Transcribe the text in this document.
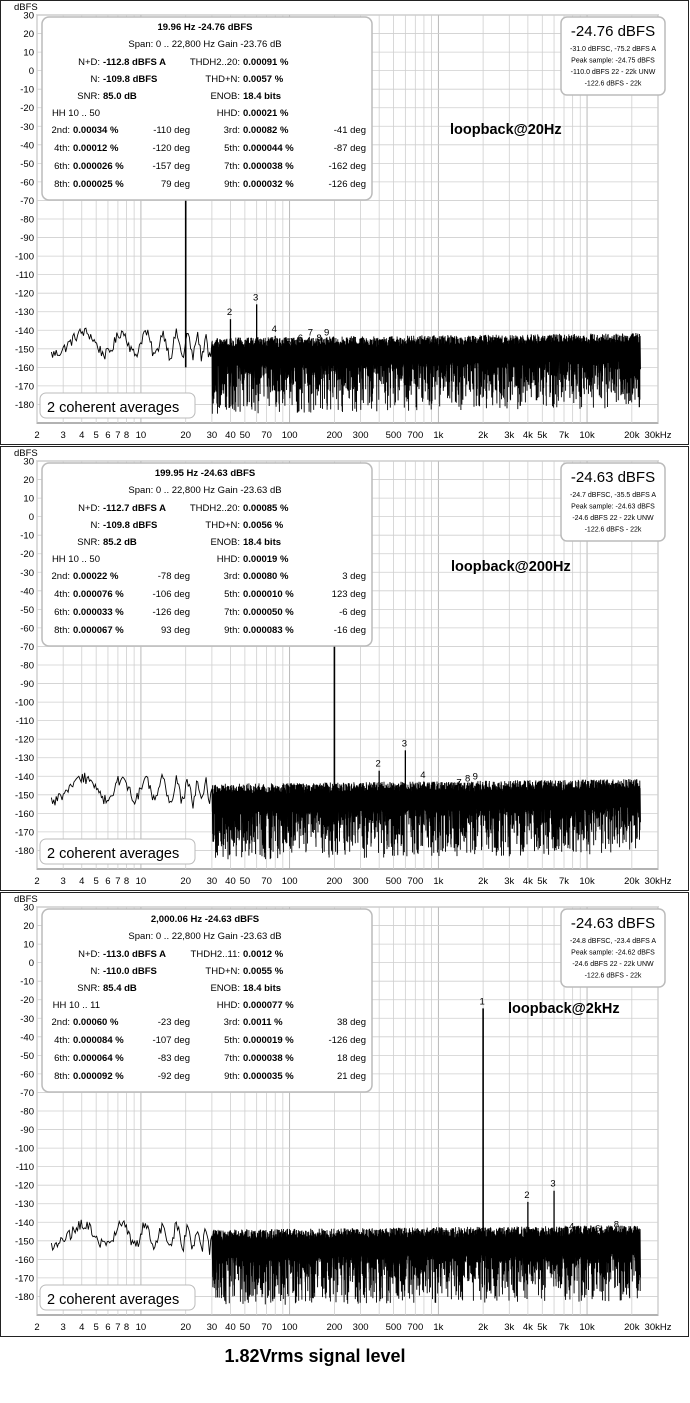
30
20
10
0
-10
-20
-30
-40
-50
-60
-70
-80
-90
-100
-110
-120
-130
-140
-150
-160
-170
-180
dBFS
2 3 4 5 6 7 8 10	20 30 40 50 70 100	200 300 500 700 1k	2k 3k 4k 5k 7k 10k	20k 30kHz
2
3
4
5 6
7
8
9
2 coherent averages
19.96 Hz -24.76 dBFS
Span: 0 .. 22,800 Hz Gain -23.76 dB
N+D: -112.8 dBFS A	THDH2..20: 0.00091 %
N: -109.8 dBFS	THD+N: 0.0057 %
SNR: 85.0 dB	ENOB: 18.4 bits
HH 10 .. 50	HHD: 0.00021 %
2nd: 0.00034 %	-110 deg	3rd: 0.00082 %	-41 deg
4th: 0.00012 %	-120 deg	5th: 0.000044 %	-87 deg
6th: 0.000026 %	-157 deg	7th: 0.000038 %	-162 deg
8th: 0.000025 %	79 deg	9th: 0.000032 %	-126 deg
-24.76 dBFS
-31.0 dBFSC, -75.2 dBFS A
Peak sample: -24.75 dBFS
-110.0 dBFS 22 - 22k UNW
-122.6 dBFS - 22k
loopback@20Hz
30
20
10
0
-10
-20
-30
-40
-50
-60
-70
-80
-90
-100
-110
-120
-130
-140
-150
-160
-170
-180
dBFS
2 3 4 5 6 7 8 10	20 30 40 50 70 100	200 300 500 700 1k	2k 3k 4k 5k 7k 10k	20k 30kHz
2
3
4
5
6
7 8 9
2 coherent averages
199.95 Hz -24.63 dBFS
Span: 0 .. 22,800 Hz Gain -23.63 dB
N+D: -112.7 dBFS A	THDH2..20: 0.00085 %
N: -109.8 dBFS	THD+N: 0.0056 %
SNR: 85.2 dB	ENOB: 18.4 bits
HH 10 .. 50	HHD: 0.00019 %
2nd: 0.00022 %	-78 deg	3rd: 0.00080 %	3 deg
4th: 0.000076 %	-106 deg	5th: 0.000010 %	123 deg
6th: 0.000033 %	-126 deg	7th: 0.000050 %	-6 deg
8th: 0.000067 %	93 deg	9th: 0.000083 %	-16 deg
-24.63 dBFS
-24.7 dBFSC, -35.5 dBFS A
Peak sample: -24.63 dBFS
-24.6 dBFS 22 - 22k UNW
-122.6 dBFS - 22k
loopback@200Hz
30
20
10
0
-10
-20
-30
-40
-50
-60
-70
-80
-90
-100
-110
-120
-130
-140
-150
-160
-170
-180
dBFS
2 3 4 5 6 7 8 10	20 30 40 50 70 100	200 300 500 700 1k	2k 3k 4k 5k 7k 10k	20k 30kHz
1
2
3
4
5
6
7
8
9
2 coherent averages
2,000.06 Hz -24.63 dBFS
Span: 0 .. 22,800 Hz Gain -23.63 dB
N+D: -113.0 dBFS A	THDH2..11: 0.0012 %
N: -110.0 dBFS	THD+N: 0.0055 %
SNR: 85.4 dB	ENOB: 18.4 bits
HH 10 .. 11	HHD: 0.000077 %
2nd: 0.00060 %	-23 deg	3rd: 0.0011 %	38 deg
4th: 0.000084 %	-107 deg	5th: 0.000019 %	-126 deg
6th: 0.000064 %	-83 deg	7th: 0.000038 %	18 deg
8th: 0.000092 %	-92 deg	9th: 0.000035 %	21 deg
-24.63 dBFS
-24.8 dBFSC, -23.4 dBFS A
Peak sample: -24.62 dBFS
-24.6 dBFS 22 - 22k UNW
-122.6 dBFS - 22k
loopback@2kHz
1.82Vrms signal level
